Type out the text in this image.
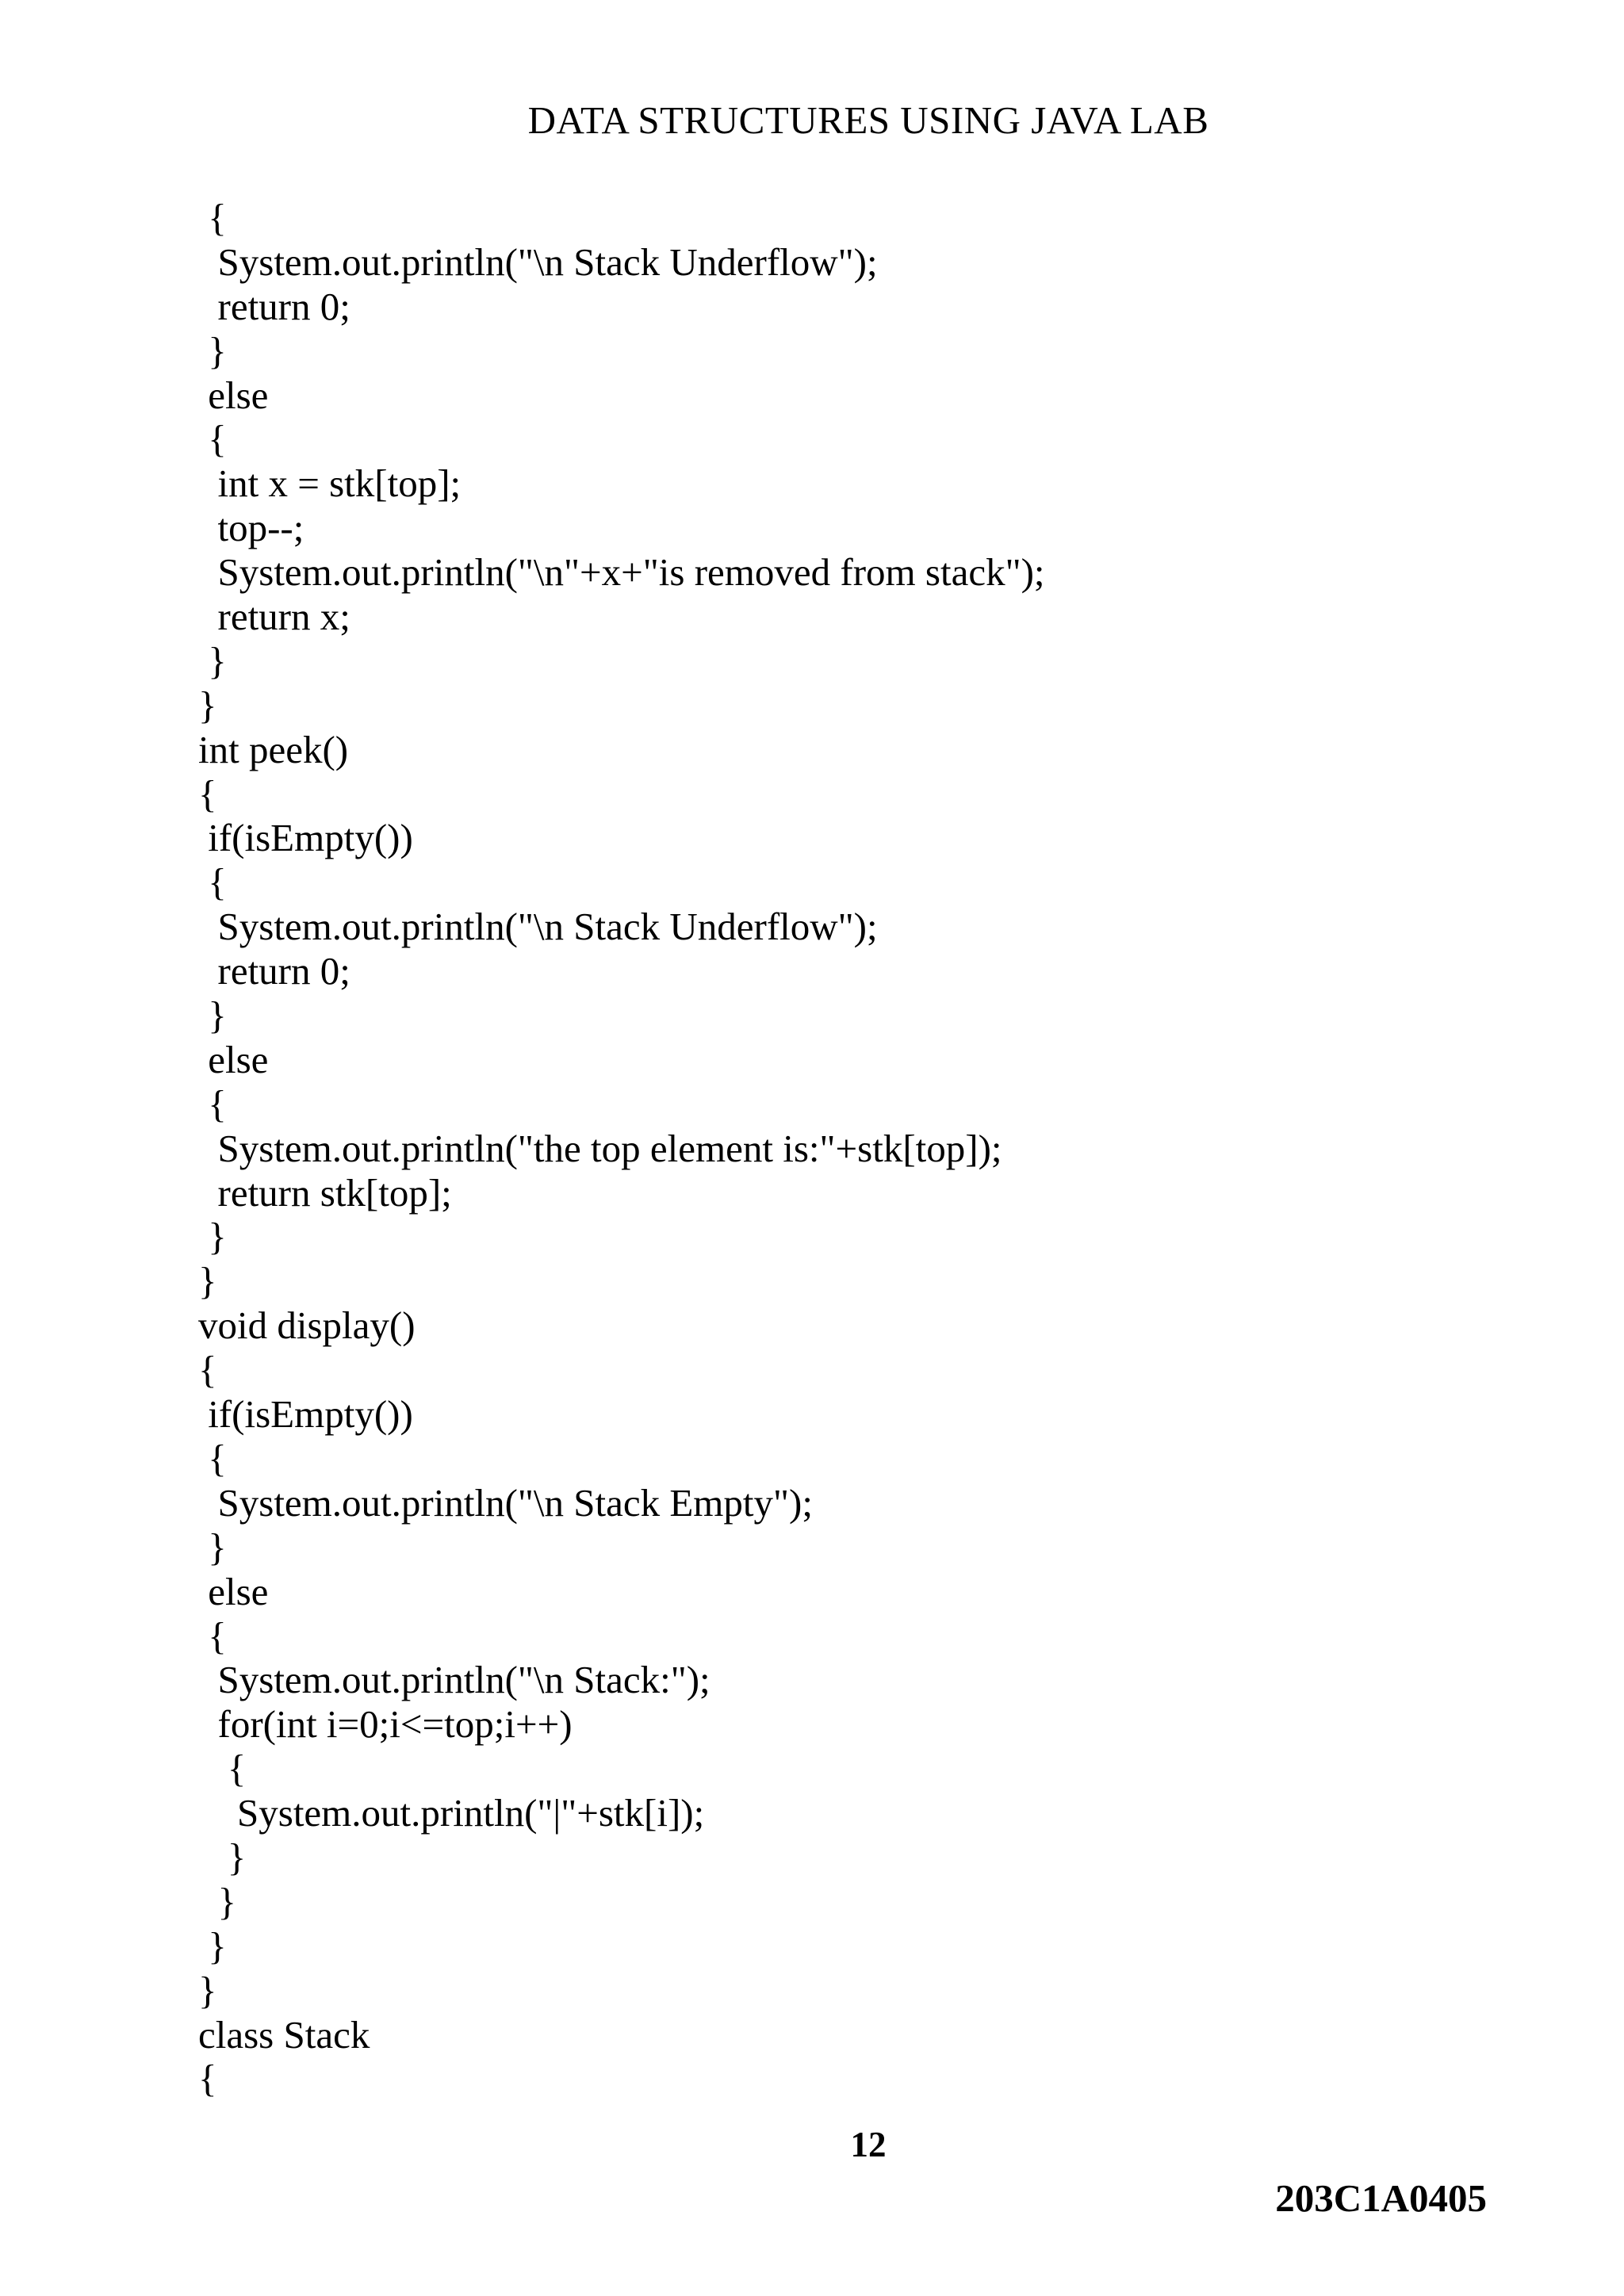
DATA STRUCTURES USING JAVA LAB
{
System.out.println("\n Stack Underflow");
return 0;
}
else
{
int x = stk[top];
top--;
System.out.println("\n"+x+"is removed from stack");
return x;
}
}
int peek()
{
if(isEmpty())
{
System.out.println("\n Stack Underflow");
return 0;
}
else
{
System.out.println("the top element is:"+stk[top]);
return stk[top];
}
}
void display()
{
if(isEmpty())
{
System.out.println("\n Stack Empty");
}
else
{
System.out.println("\n Stack:");
for(int i=0;i<=top;i++)
{
System.out.println("|"+stk[i]);
}
}
}
}
class Stack
{
12
203C1A0405
